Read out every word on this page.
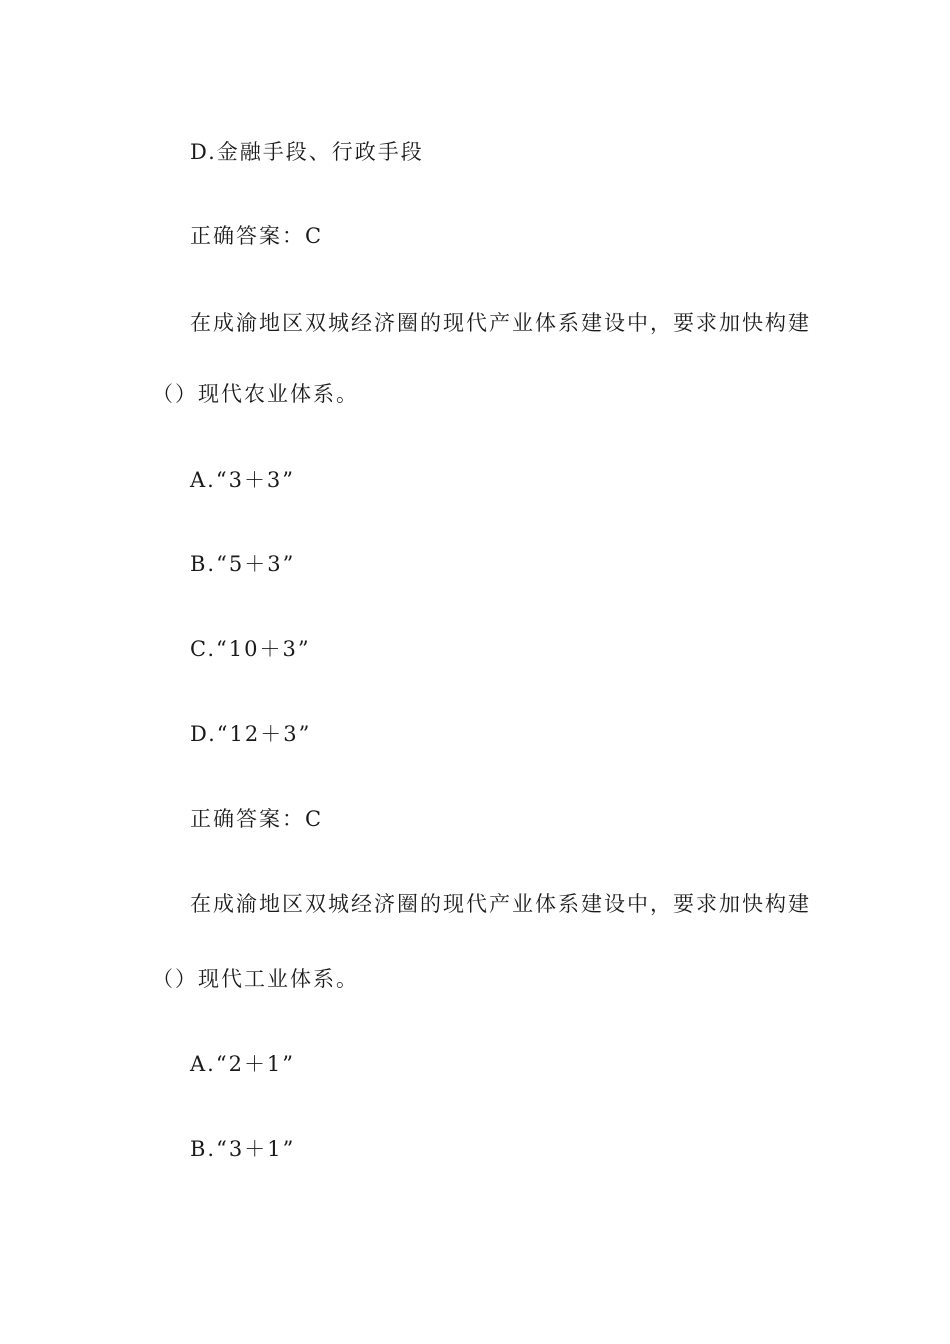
D.金融手段、行政手段
正确答案：C
在成渝地区双城经济圈的现代产业体系建设中，要求加快构建
（）现代农业体系。
A.“3＋3”
B.“5＋3”
C.“10＋3”
D.“12＋3”
正确答案：C
在成渝地区双城经济圈的现代产业体系建设中，要求加快构建
（）现代工业体系。
A.“2＋1”
B.“3＋1”
